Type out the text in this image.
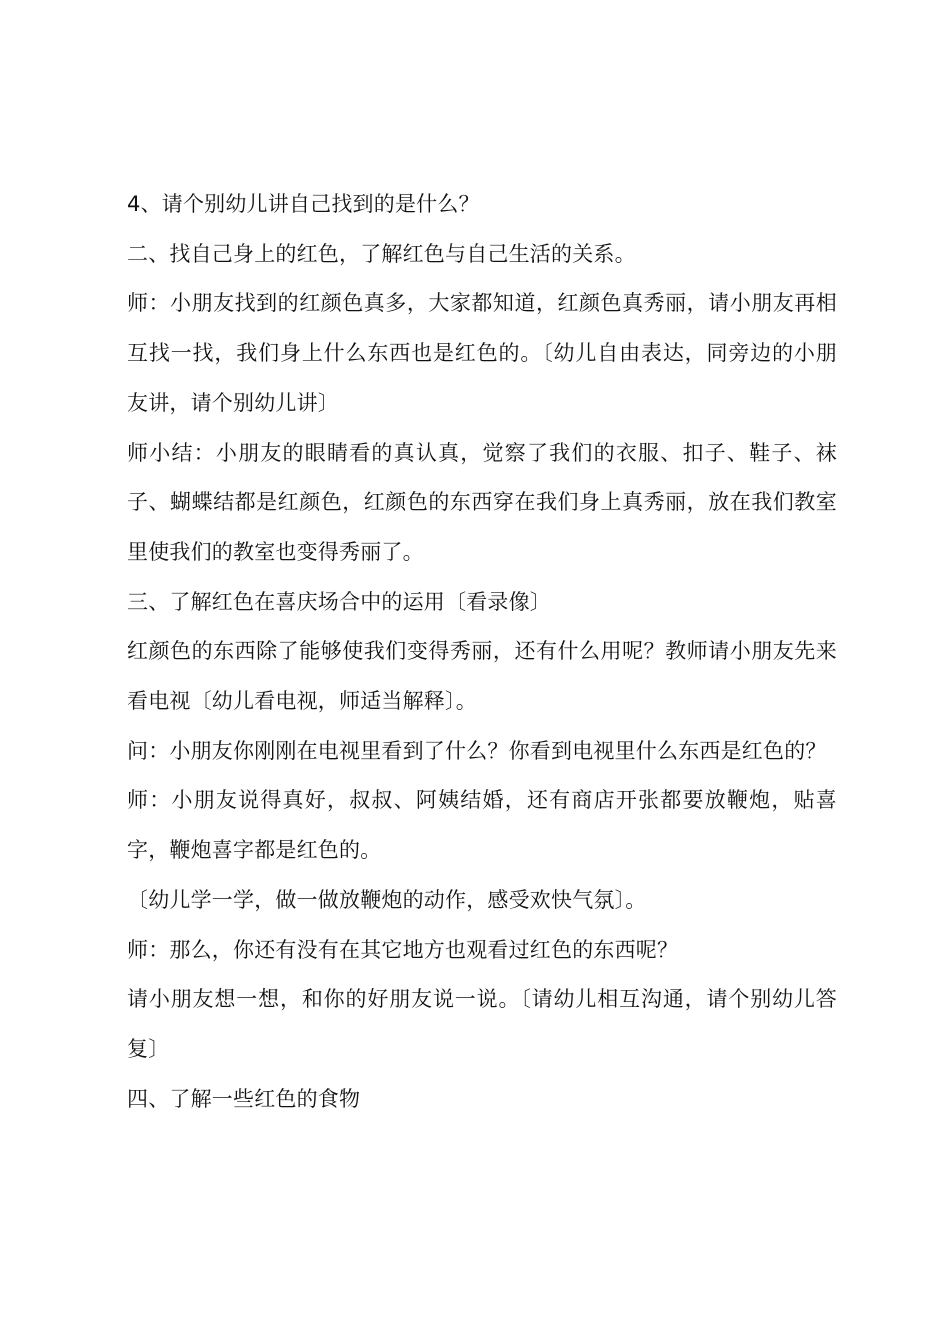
4、请个别幼儿讲自己找到的是什么？

二、找自己身上的红色，了解红色与自己生活的关系。

师：小朋友找到的红颜色真多，大家都知道，红颜色真秀丽，请小朋友再相互找一找，我们身上什么东西也是红色的。〔幼儿自由表达，同旁边的小朋友讲，请个别幼儿讲〕

师小结：小朋友的眼睛看的真认真，觉察了我们的衣服、扣子、鞋子、袜子、蝴蝶结都是红颜色，红颜色的东西穿在我们身上真秀丽，放在我们教室里使我们的教室也变得秀丽了。

三、了解红色在喜庆场合中的运用〔看录像〕

红颜色的东西除了能够使我们变得秀丽，还有什么用呢？教师请小朋友先来看电视〔幼儿看电视，师适当解释〕。

问：小朋友你刚刚在电视里看到了什么？你看到电视里什么东西是红色的？

师：小朋友说得真好，叔叔、阿姨结婚，还有商店开张都要放鞭炮，贴喜字，鞭炮喜字都是红色的。

〔幼儿学一学，做一做放鞭炮的动作，感受欢快气氛〕。

师：那么，你还有没有在其它地方也观看过红色的东西呢？

请小朋友想一想，和你的好朋友说一说。〔请幼儿相互沟通，请个别幼儿答复〕

四、了解一些红色的食物
